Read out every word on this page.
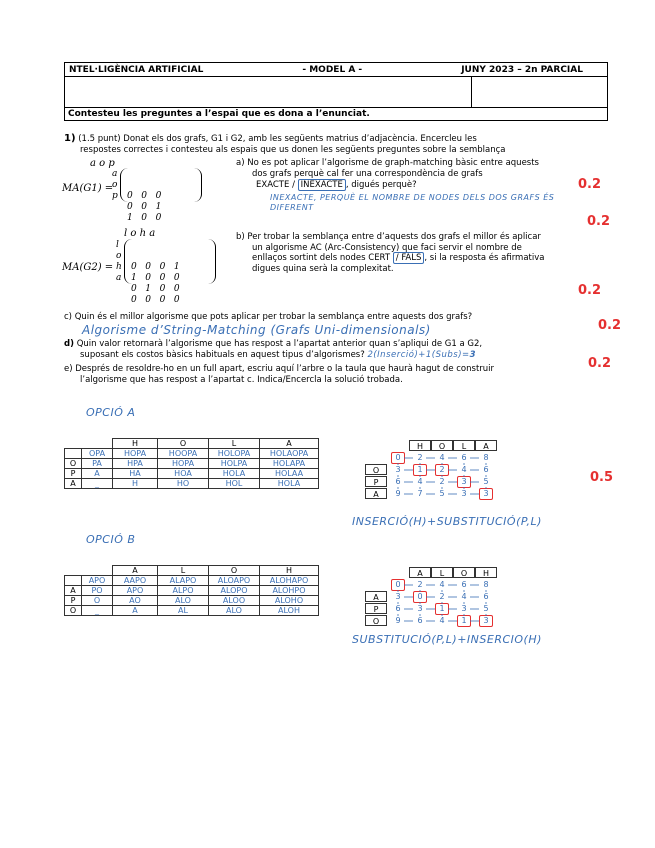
NTEL·LIGÈNCIA ARTIFICIAL	- MODEL A -	JUNY 2023 – 2n PARCIAL
Contesteu les preguntes a l’espai que es dona a l’enunciat.
1) (1.5 punt) Donat els dos grafs, G1 i G2, amb les següents matrius d’adjacència. Encercleu les
respostes correctes i contesteu als espais que us donen les següents preguntes sobre la semblança
a o p
MA(G1) =
a
o
p

0   0   0
0   0   1
1   0   0

l o h a
MA(G2) =
l
o
h
a

0   0   0   1
1   0   0   0
0   1   0   0
0   0   0   0

a) No es pot aplicar l’algorisme de graph-matching bàsic entre aquests
dos grafs perquè cal fer una correspondència de grafs
EXACTE / INEXACTE , digués perquè?
INEXACTE, PERQUÈ EL NOMBRE DE NODES DELS DOS GRAFS ÉS
DIFERENT
0.2
0.2
b) Per trobar la semblança entre d’aquests dos grafs el millor és aplicar
un algorisme AC (Arc-Consistency) que faci servir el nombre de
enllaços sortint dels nodes CERT / FALS , si la resposta és afirmativa
digues quina serà la complexitat.
0.2
c) Quin és el millor algorisme que pots aplicar per trobar la semblança entre aquests dos grafs?
Algorisme d’String-Matching (Grafs Uni-dimensionals)	0.2
d) Quin valor retornarà l’algorisme que has respost a l’apartat anterior quan s’apliqui de G1 a G2,
suposant els costos bàsics habituals en aquest tipus d’algorismes? 2(Inserció)+1(Subs)=3
0.2
e) Després de resoldre-ho en un full apart, escriu aquí l’arbre o la taula que haurà hagut de construir
l’algorisme que has respost a l’apartat c. Indica/Encercla la solució trobada.
OPCIÓ A
		H	O	L	A
	OPA	HOPA	HOOPA	HOLOPA	HOLAOPA
O	PA	HPA	HOPA	HOLPA	HOLAPA
P	A	HA	HOA	HOLA	HOLAA
A	_	H	HO	HOL	HOLA
H	O	L	A
0	2	4	6	8
O	3	1	2	4	6
P	6	4	2	3	5
A	9	7	5	3	3
0.5
INSERCIÓ(H)+SUBSTITUCIÓ(P,L)
OPCIÓ B
		A	L	O	H
	APO	AAPO	ALAPO	ALOAPO	ALOHAPO
A	PO	APO	ALPO	ALOPO	ALOHPO
P	O	AO	ALO	ALOO	ALOHO
O	_	A	AL	ALO	ALOH
A	L	O	H
0	2	4	6	8
A	3	0	2	4	6
P	6	3	1	3	5
O	9	6	4	1	3
SUBSTITUCIÓ(P,L)+INSERCIO(H)
